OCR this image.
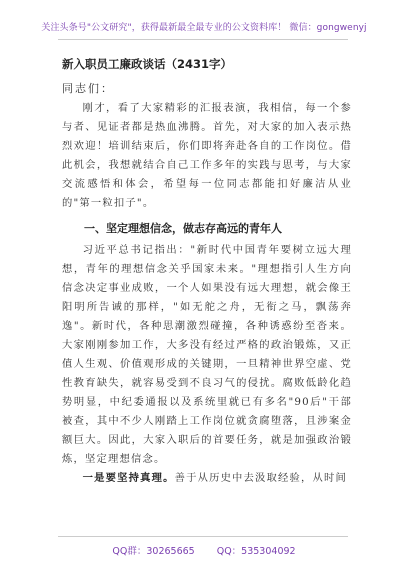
关注头条号"公文研究"，获得最新最全最专业的公文资料库！ 微信：gongwenyj
新入职员工廉政谈话（2431字）
同志们：

刚才，看了大家精彩的汇报表演，我相信，每一个参与者、见证者都是热血沸腾。首先，对大家的加入表示热烈欢迎！培训结束后，你们即将奔赴各自的工作岗位。借此机会，我想就结合自己工作多年的实践与思考，与大家交流感悟和体会，希望每一位同志都能扣好廉洁从业的"第一粒扣子"。

一、坚定理想信念，做志存高远的青年人

习近平总书记指出："新时代中国青年要树立远大理想，青年的理想信念关乎国家未来。"理想指引人生方向信念决定事业成败，一个人如果没有远大理想，就会像王阳明所告诫的那样，"如无舵之舟，无衔之马，飘荡奔逸"。新时代，各种思潮激烈碰撞，各种诱惑纷至沓来。大家刚刚参加工作，大多没有经过严格的政治锻炼，又正值人生观、价值观形成的关键期，一旦精神世界空虚、党性教育缺失，就容易受到不良习气的侵扰。腐败低龄化趋势明显，中纪委通报以及系统里就已有多名"90后"干部被查，其中不少人刚踏上工作岗位就贪腐堕落，且涉案金额巨大。因此，大家入职后的首要任务，就是加强政治锻炼，坚定理想信念。

一是要坚持真理。善于从历史中去汲取经验，从时间

QQ群：30265665 QQ：535304092
